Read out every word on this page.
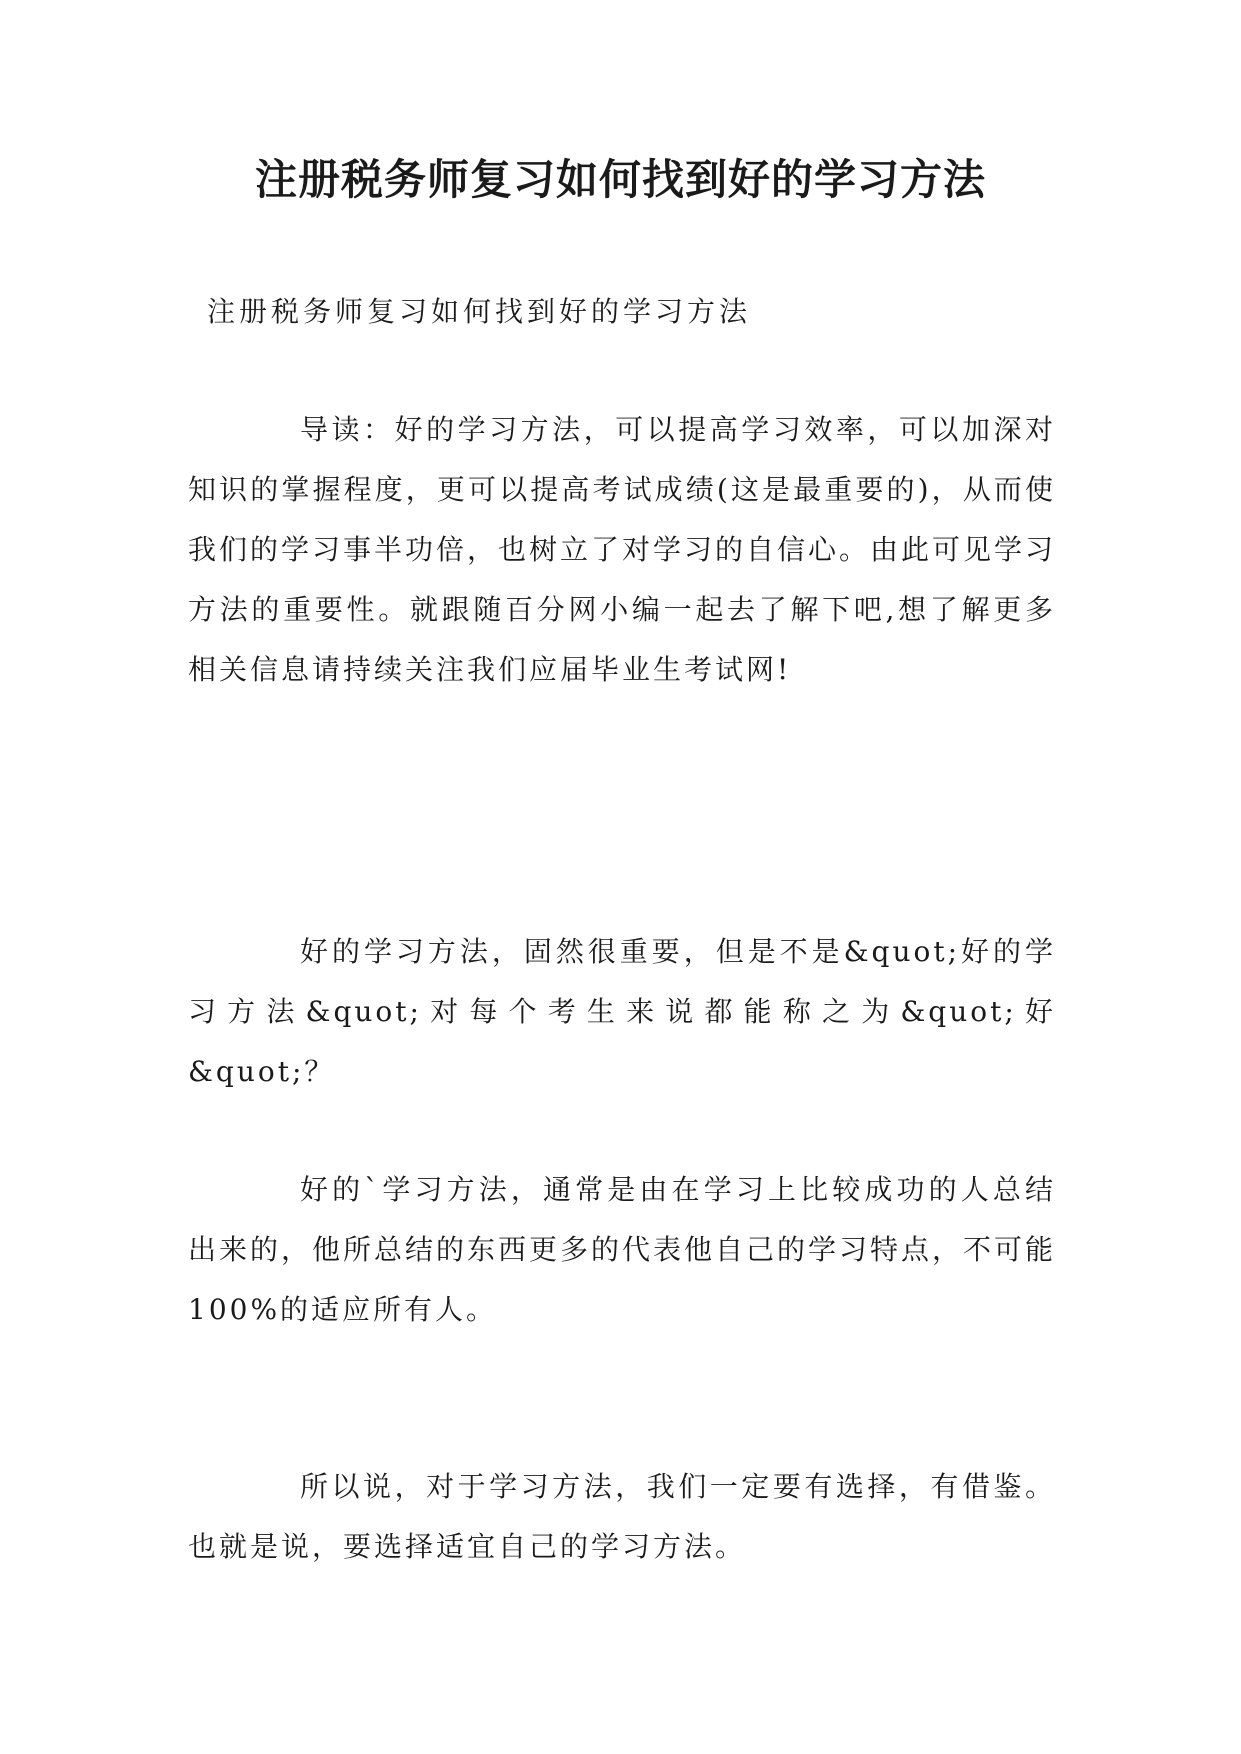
注册税务师复习如何找到好的学习方法

注册税务师复习如何找到好的学习方法

导读：好的学习方法，可以提高学习效率，可以加深对知识的掌握程度，更可以提高考试成绩(这是最重要的)，从而使我们的学习事半功倍，也树立了对学习的自信心。由此可见学习方法的重要性。就跟随百分网小编一起去了解下吧,想了解更多相关信息请持续关注我们应届毕业生考试网!

好的学习方法，固然很重要，但是不是&quot;好的学习方法&quot;对每个考生来说都能称之为&quot;好&quot;？

好的`学习方法，通常是由在学习上比较成功的人总结出来的，他所总结的东西更多的代表他自己的学习特点，不可能100%的适应所有人。

所以说，对于学习方法，我们一定要有选择，有借鉴。也就是说，要选择适宜自己的学习方法。
